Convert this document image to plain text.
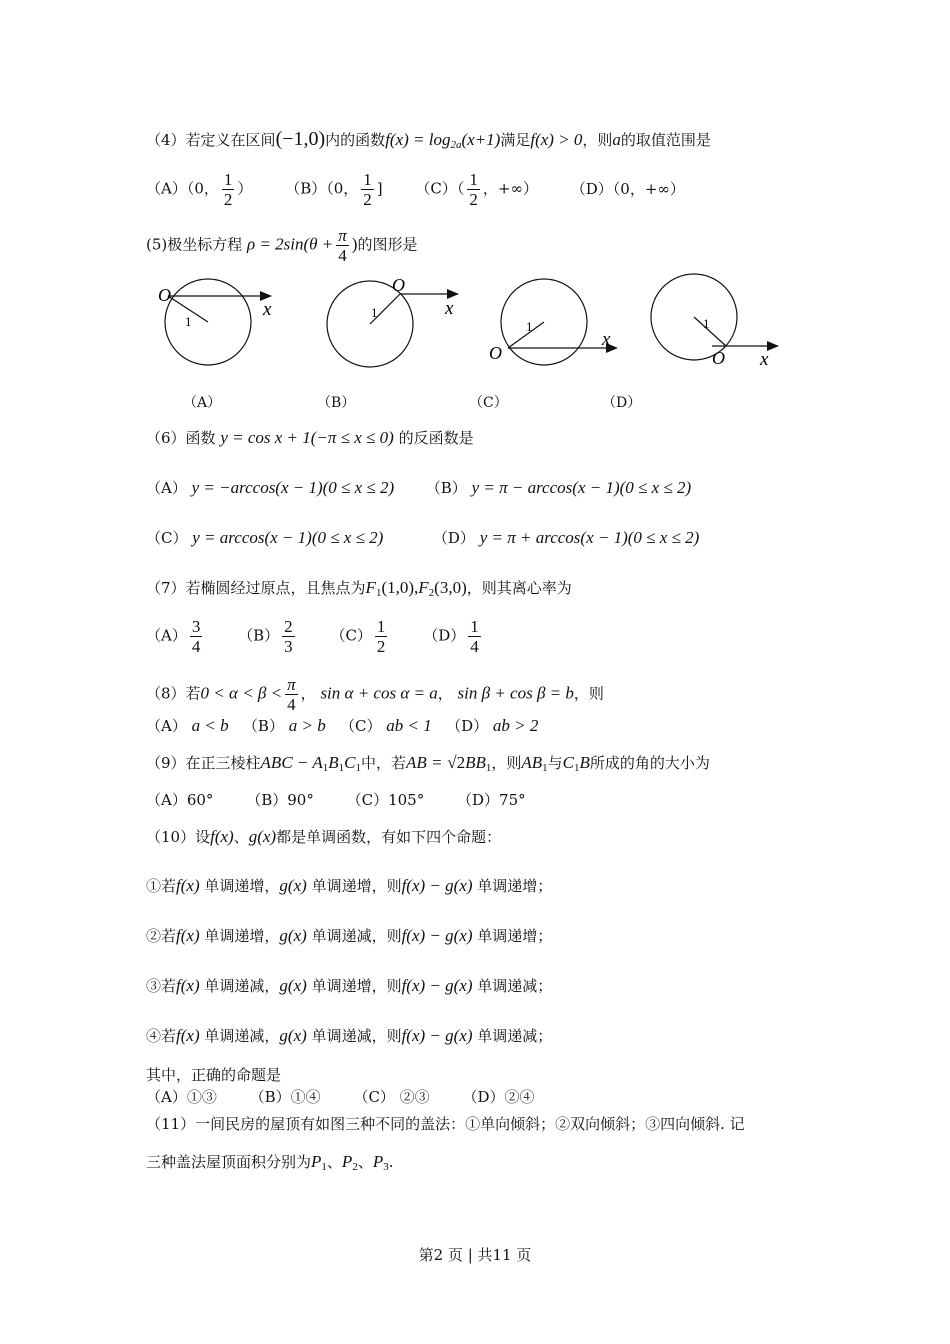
（4）若定义在区间(−1,0)内的函数$f(x) = \log_{2a}(x+1)$满足f(x) > 0，则a的取值范围是
（A）（0， $\frac{1}{2}$ ） （B）（0， $\frac{1}{2}$ ] $(C)( \frac{1}{2}$ ，+∞） （D）（0，+∞）
(5)极坐标方程 $\rho = 2\sin(\theta + \frac{\pi}{4}$ )的图形是
O
x
1
O
x
1
O
x
1
O x
1
（A）	（B）	（C）	（D）
（6）函数 y = cos x + 1(−π ≤ x ≤ 0) 的反函数是
（A） y = −arccos(x − 1)(0 ≤ x ≤ 2) （B） y = π − arccos(x − 1)(0 ≤ x ≤ 2)
（C） y = arccos(x − 1)(0 ≤ x ≤ 2)	（D） y = π + arccos(x − 1)(0 ≤ x ≤ 2)
（7）若椭圆经过原点，且焦点为$F_1(1,0),F_2(3,0)$，则其离心率为
$(A) \frac{3}{4} (B) \frac{2}{3} (C) \frac{1}{2} (D) \frac{1}{4}$
（8）若$0 < \alpha < \beta < \frac{\pi}{4}$ ， sin α + cos α = a， sin β + cos β = b，则
（A） a < b （B） a > b （C） ab < 1 （D） ab > 2
（9）在正三棱柱ABC − $A_1B_1C_1$中，若AB = $√2BB_1$，则$AB_1$与$C_1B$所成的角的大小为
（A）60° （B）90° （C）105° （D）75°
（10）设f(x)、g(x)都是单调函数，有如下四个命题：
①若f(x) 单调递增，g(x) 单调递增，则f(x) − g(x) 单调递增；
②若f(x) 单调递增，g(x) 单调递减，则f(x) − g(x) 单调递增；
③若f(x) 单调递减，g(x) 单调递增，则f(x) − g(x) 单调递减；
④若f(x) 单调递减，g(x) 单调递减，则f(x) − g(x) 单调递减；
其中，正确的命题是
（A）①③ （B）①④ （C） ②③ （D）②④
（11）一间民房的屋顶有如图三种不同的盖法：①单向倾斜；②双向倾斜；③四向倾斜. 记
三种盖法屋顶面积分别为$P_1$、$P_2$、$P_3$.
第2 页 | 共11 页
